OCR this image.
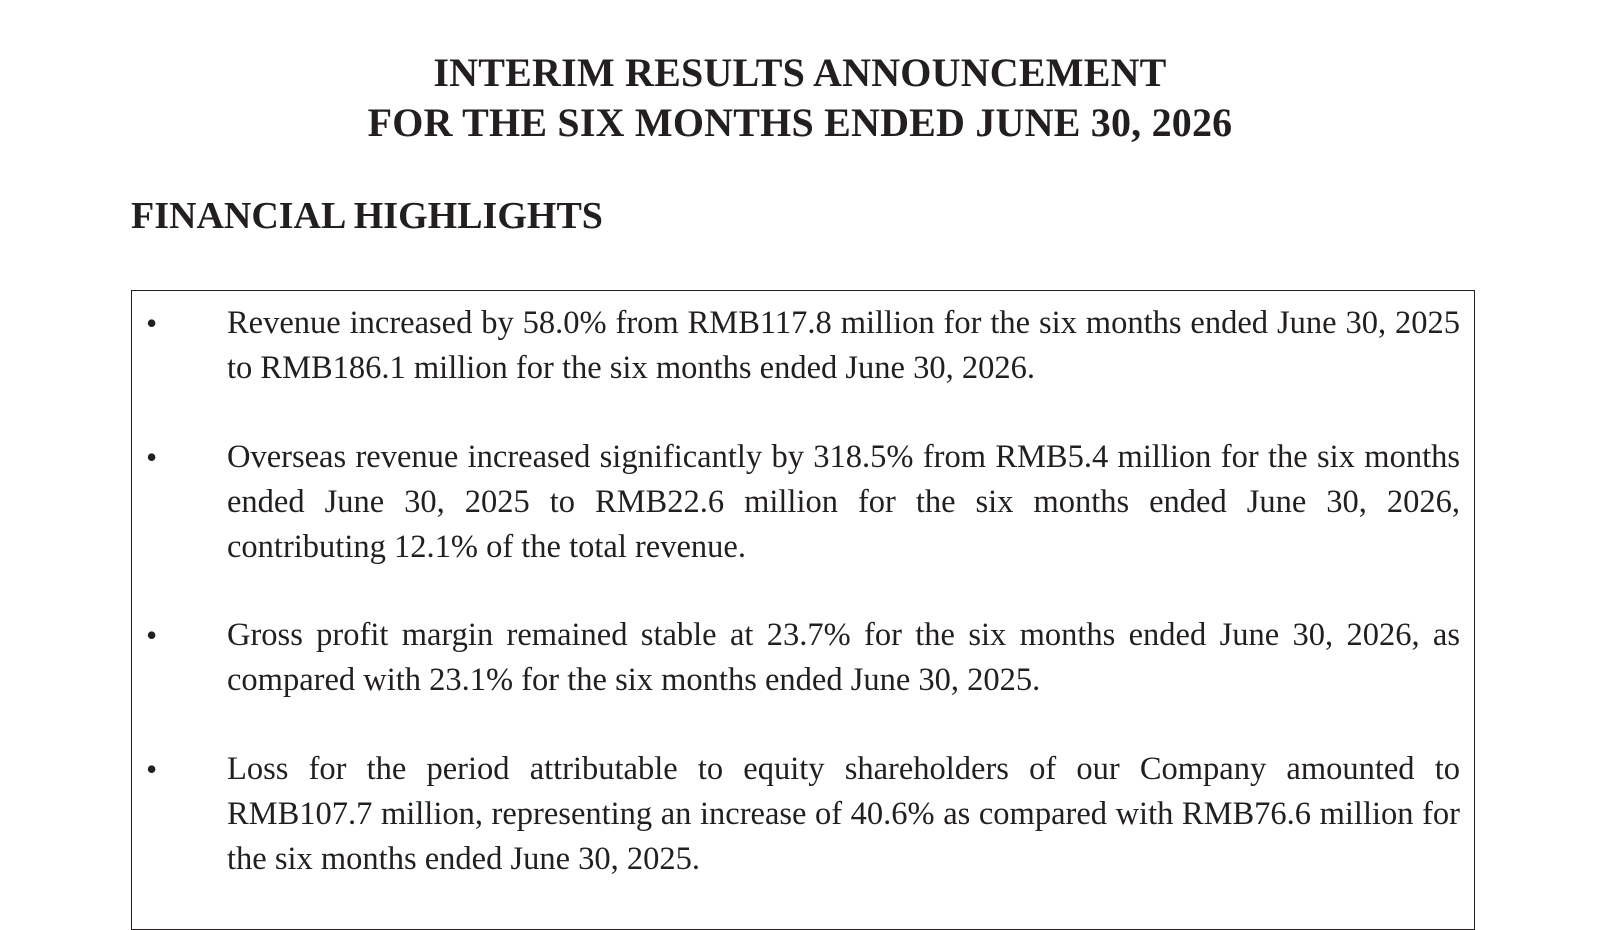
INTERIM RESULTS ANNOUNCEMENT
FOR THE SIX MONTHS ENDED JUNE 30, 2026
FINANCIAL HIGHLIGHTS
• Revenue increased by 58.0% from RMB117.8 million for the six months ended June 30, 2025 to RMB186.1 million for the six months ended June 30, 2026.
• Overseas revenue increased significantly by 318.5% from RMB5.4 million for the six months ended June 30, 2025 to RMB22.6 million for the six months ended June 30, 2026, contributing 12.1% of the total revenue.
• Gross profit margin remained stable at 23.7% for the six months ended June 30, 2026, as compared with 23.1% for the six months ended June 30, 2025.
• Loss for the period attributable to equity shareholders of our Company amounted to RMB107.7 million, representing an increase of 40.6% as compared with RMB76.6 million for the six months ended June 30, 2025.
